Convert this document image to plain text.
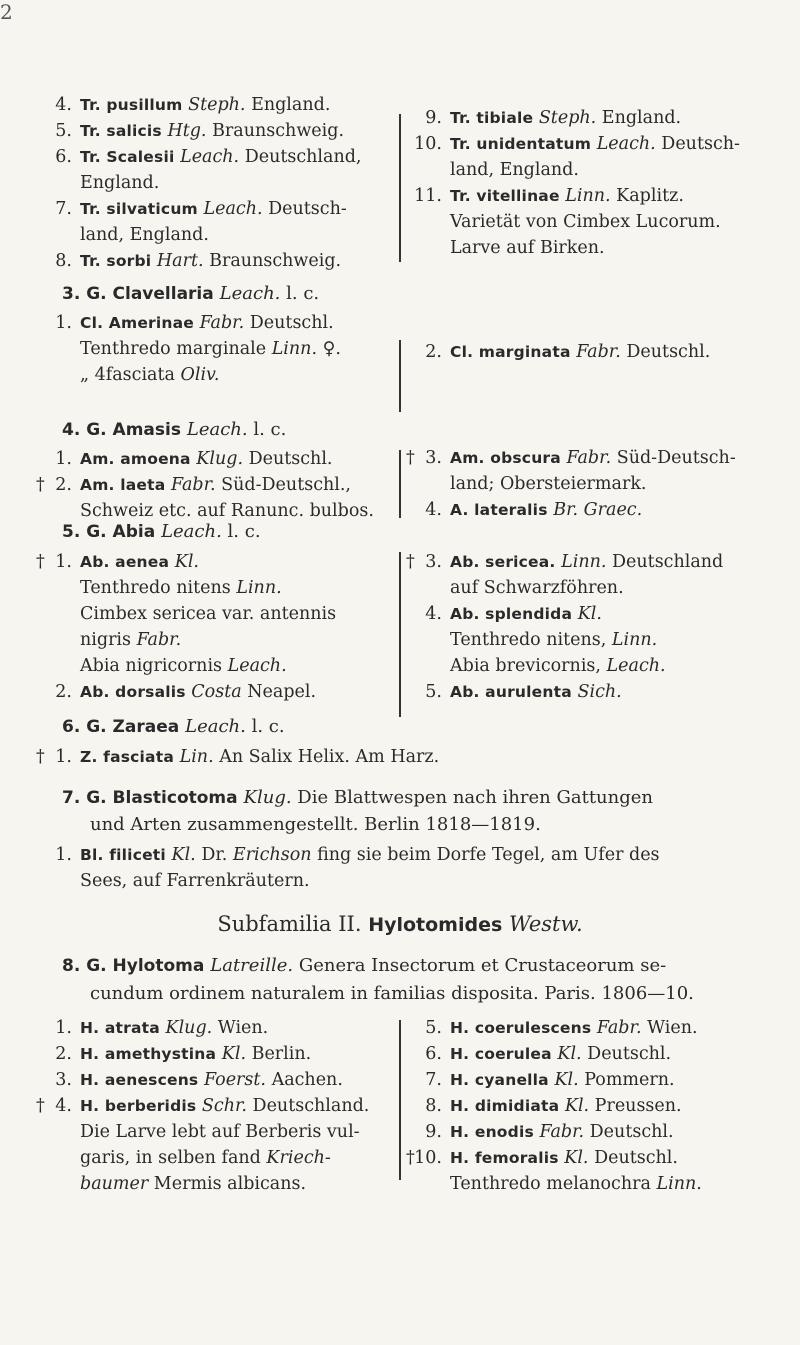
2
4. Tr. pusillum Steph. England.
5. Tr. salicis Htg. Braunschweig.
6. Tr. Scalesii Leach. Deutschland,
England.
7. Tr. silvaticum Leach. Deutsch-
land, England.
8. Tr. sorbi Hart. Braunschweig.
9. Tr. tibiale Steph. England.
10. Tr. unidentatum Leach. Deutsch-
land, England.
11. Tr. vitellinae Linn. Kaplitz.
Varietät von Cimbex Lucorum.
Larve auf Birken.
3. G. Clavellaria Leach. l. c.
1. Cl. Amerinae Fabr. Deutschl.
Tenthredo marginale Linn. ♀.
„ 4fasciata Oliv.
2. Cl. marginata Fabr. Deutschl.
4. G. Amasis Leach. l. c.
1. Am. amoena Klug. Deutschl.
† 2. Am. laeta Fabr. Süd-Deutschl.,
Schweiz etc. auf Ranunc. bulbos.
† 3. Am. obscura Fabr. Süd-Deutsch-
land; Obersteiermark.
4. A. lateralis Br. Graec.
5. G. Abia Leach. l. c.
† 1. Ab. aenea Kl.
Tenthredo nitens Linn.
Cimbex sericea var. antennis
nigris Fabr.
Abia nigricornis Leach.
2. Ab. dorsalis Costa Neapel.
† 3. Ab. sericea. Linn. Deutschland
auf Schwarzföhren.
4. Ab. splendida Kl.
Tenthredo nitens, Linn.
Abia brevicornis, Leach.
5. Ab. aurulenta Sich.
6. G. Zaraea Leach. l. c.
† 1. Z. fasciata Lin. An Salix Helix. Am Harz.
7. G. Blasticotoma Klug. Die Blattwespen nach ihren Gattungen
und Arten zusammengestellt. Berlin 1818—1819.
1. Bl. filiceti Kl. Dr. Erichson fing sie beim Dorfe Tegel, am Ufer des
Sees, auf Farrenkräutern.
Subfamilia II. Hylotomides Westw.
8. G. Hylotoma Latreille. Genera Insectorum et Crustaceorum se-
cundum ordinem naturalem in familias disposita. Paris. 1806—10.
1. H. atrata Klug. Wien.
2. H. amethystina Kl. Berlin.
3. H. aenescens Foerst. Aachen.
† 4. H. berberidis Schr. Deutschland.
Die Larve lebt auf Berberis vul-
garis, in selben fand Kriech-
baumer Mermis albicans.
5. H. coerulescens Fabr. Wien.
6. H. coerulea Kl. Deutschl.
7. H. cyanella Kl. Pommern.
8. H. dimidiata Kl. Preussen.
9. H. enodis Fabr. Deutschl.
† 10. H. femoralis Kl. Deutschl.
Tenthredo melanochra Linn.
